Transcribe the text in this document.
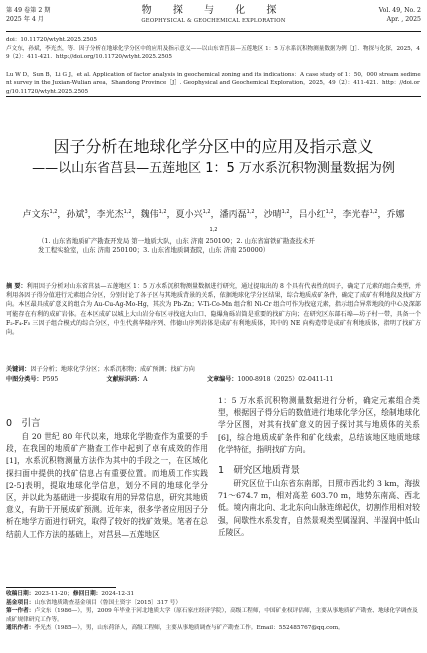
第 49 卷第 2 期
2025 年 4 月
物 探 与 化 探
GEOPHYSICAL & GEOCHEMICAL EXPLORATION
Vol. 49, No. 2
Apr. , 2025
doi：10.11720/wtyht.2025.2505
卢文东，孙斌，李光杰，等．因子分析在地球化学分区中的应用及指示意义——以山东省莒县—五莲地区 1：5 万水系沉积物测量数据为例［J］．物探与化探，2025，49（2）：411-421．http://doi.org/10.11720/wtyht.2025.2505
Lu W D，Sun B，Li G J，et al. Application of factor analysis in geochemical zoning and its indications：A case study of 1：50，000 stream sediment survey in the Juxian-Wulian area，Shandong Province［J］. Geophysical and Geochemical Exploration，2025，49（2）：411-421．http：//doi.org/10.11720/wtyht.2025.2505
因子分析在地球化学分区中的应用及指示意义
——以山东省莒县—五莲地区 1：5 万水系沉积物测量数据为例
卢文东$^{1,2}$，孙斌$^3$，李光杰$^{1,2}$，魏伟$^{1,2}$，夏小兴$^{1,2}$，潘丙磊$^{1,2}$，沙晴$^{1,2}$，吕小红$^{1,2}$，李光春$^{1,2}$，乔娜$^{1,2}$
（1. 山东省地质矿产勘查开发局 第一地质大队，山东 济南 250100；2. 山东省富铁矿勘查技术开
发工程实验室，山东 济南 250100；3. 山东省地质调查院，山东 济南 250000）
摘 要：利用因子分析对山东省莒县—五莲地区 1：5 万水系沉积物测量数据进行研究，通过提取出的 8 个具有代表性的因子，确定了元素的组合类型，并利用各因子得分值进行元素组合分区，分别讨论了各子区与其地质背景的关系，依据地球化学分区结果，综合地质成矿条件，确定了成矿有利地段及找矿方向。本区最具成矿意义的组合为 Au-Cu-Ag-Mo-Hg，其次为 Pb-Zn；V-Ti-Co-Mn 组合和 Ni-Cr 组合可作为找寇元素，指示组合异常地段的中心及深部可能存在有利的成矿岩体。在本区成矿以城上大山岩分布区寻找寇大山口、隐爆角砾岩筒是重要的找矿方向；在研究区东部石埠—坊子村一带，具备一个 F₂-F₄-F₅ 三因子组合模式的综合分区，中生代燕华隆序列、伟德山序列岩体是成矿有利地质体，其中的 NE 向构造带是成矿有利地质体，指明了找矿方向。
关键词：因子分析；地球化学分区；水系沉积物；成矿预测；找矿方向
中图分类号：P595	文献标识码：A	文章编号：1000-8918（2025）02-0411-11

0　引言

自 20 世纪 80 年代以来，地球化学勘查作为重要的手段，在我国的地质矿产勘查工作中起到了卓有成效的作用[1]，水系沉积物测量方法作为其中的手段之一，在区域化探扫面中提供的找矿信息占有重要位置。而地质工作实践[2-5]表明，提取地球化学信息，划分不同的地球化学分区，并以此为基础进一步提取有用的异常信息，研究其地质意义，有助于开展成矿预测。近年来，很多学者应用因子分析在地学方面进行研究，取得了较好的找矿效果。笔者在总结前人工作方法的基础上，对莒县—五莲地区

1：5 万水系沉积物测量数据进行分析，确定元素组合类型，根据因子得分后的数值进行地球化学分区，绘制地球化学分区图，对其有找矿意义的因子探讨其与地质体的关系[6]，综合地质成矿条件和矿化线索，总结该地区地质地球化学特征，指明找矿方向。

1　研究区地质背景

研究区位于山东省东南部，日照市西北约 3 km，海拔 71～674.7 m，相对高差 603.70 m，地势东南高、西北低。境内南北向、北北东向山脉连绵起伏，切割作用相对较强，间歇性水系发育，自然景观类型属湿润、半湿润中低山丘陵区。

收稿日期：2023-11-20；修回日期：2024-12-31
基金项目：山东省地质勘查基金项目（鲁国土资字〔2015〕317 号）
第一作者：卢文东（1986—），男，2009 年毕业于河北地质大学（原石家庄经济学院），高级工程师，中国矿业权评估师，主要从事地质矿产勘查、地球化学调查及成矿规律研究工作等。
通讯作者：李光杰（1985—），男，山东荷泽人，高级工程师，主要从事地质调查与矿产勘查工作。Email：552485767@qq.com。
